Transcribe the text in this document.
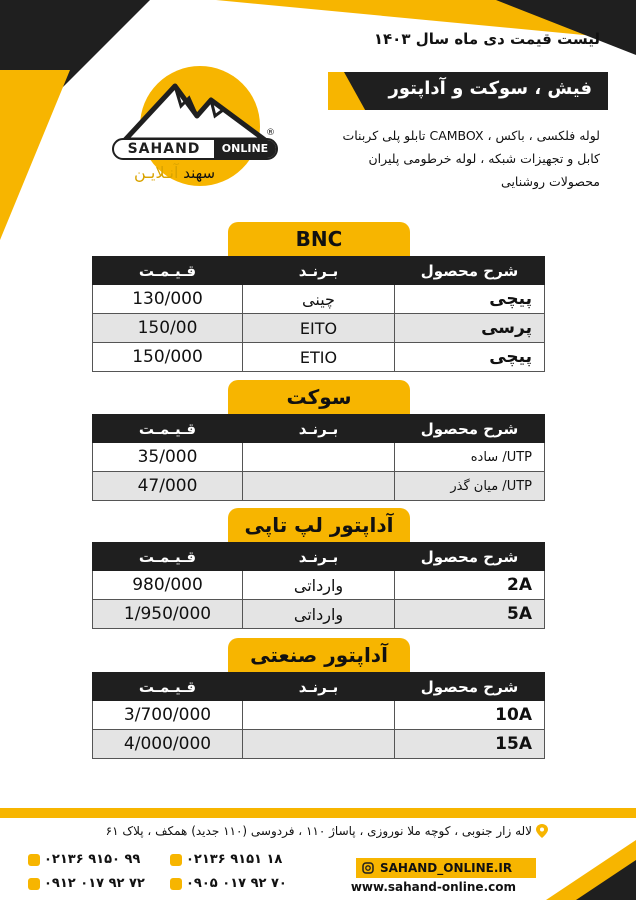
لیست قیمت دی ماه سال ۱۴۰۳
SAHAND	ONLINE
®
سهند آنـلایـن
فیش ، سوکت و آداپتور
لوله فلکسی ، باکس ، CAMBOX تابلو پلی کربنات
کابل و تجهیزات شبکه ، لوله خرطومی پلیران
محصولات روشنایی
BNC
شرح محصول	بـرنـد	قـیـمـت
پیچی	چینی	130/000
پرسی	EITO	150/00
پیچی	ETIO	150/000
سوکت
شرح محصول	بـرنـد	قـیـمـت
UTP/ ساده		35/000
UTP/ میان گذر		47/000
آداپتور لپ تاپی
شرح محصول	بـرنـد	قـیـمـت
2A	وارداتی	980/000
5A	وارداتی	1/950/000
آداپتور صنعتی
شرح محصول	بـرنـد	قـیـمـت
10A		3/700/000
15A		4/000/000
لاله زار جنوبی ، کوچه ملا نوروزی ، پاساژ ۱۱۰ ، فردوسی (۱۱۰ جدید) همکف ، پلاک ۶۱
۰۲۱۳۶ ۹۱۵۰ ۹۹	۰۲۱۳۶ ۹۱۵۱ ۱۸
۰۹۱۲ ۰۱۷ ۹۲ ۷۲	۰۹۰۵ ۰۱۷ ۹۲ ۷۰
SAHAND_ONLINE.IR
www.sahand-online.com
